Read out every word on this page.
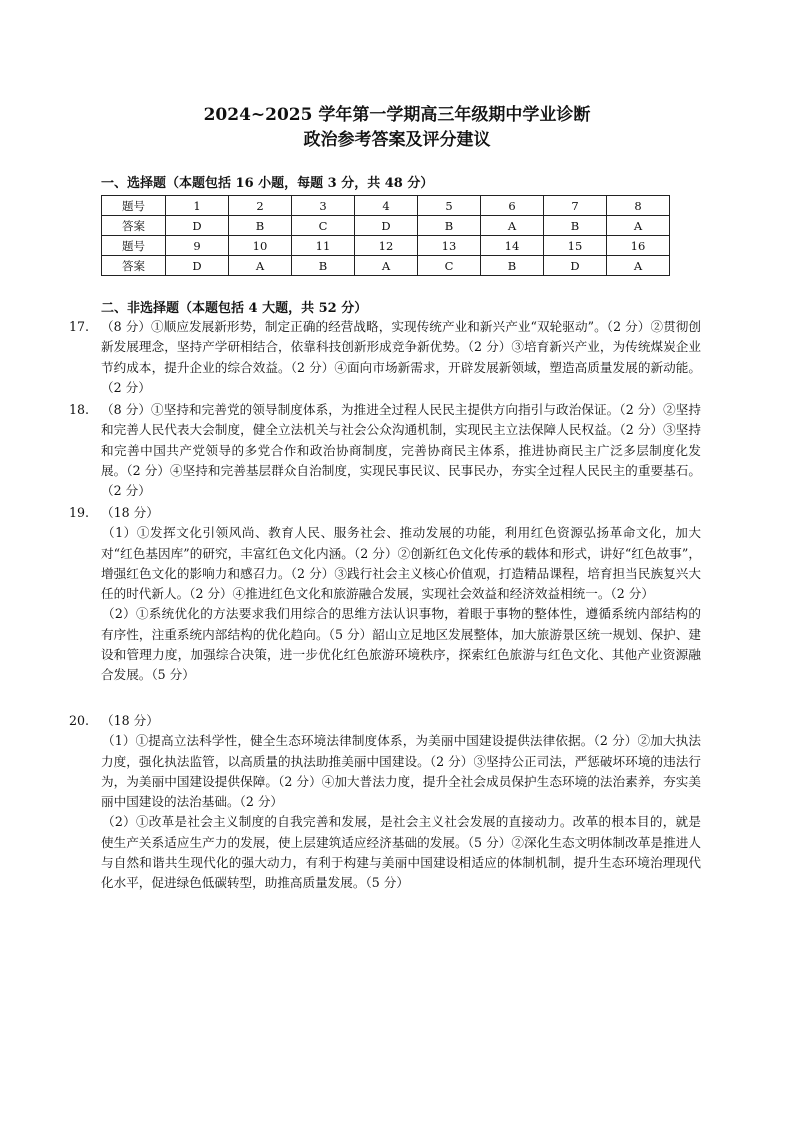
2024~2025 学年第一学期高三年级期中学业诊断
政治参考答案及评分建议
一、选择题（本题包括 16 小题，每题 3 分，共 48 分）
题号	1	2	3	4	5	6	7	8
答案	D	B	C	D	B	A	B	A
题号	9	10	11	12	13	14	15	16
答案	D	A	B	A	C	B	D	A
二、非选择题（本题包括 4 大题，共 52 分）
17. （8 分）①顺应发展新形势，制定正确的经营战略，实现传统产业和新兴产业“双轮驱动”。（2 分）②贯彻创新发展理念，坚持产学研相结合，依靠科技创新形成竞争新优势。（2 分）③培育新兴产业，为传统煤炭企业节约成本，提升企业的综合效益。（2 分）④面向市场新需求，开辟发展新领域，塑造高质量发展的新动能。（2 分）
18. （8 分）①坚持和完善党的领导制度体系，为推进全过程人民民主提供方向指引与政治保证。（2 分）②坚持和完善人民代表大会制度，健全立法机关与社会公众沟通机制，实现民主立法保障人民权益。（2 分）③坚持和完善中国共产党领导的多党合作和政治协商制度，完善协商民主体系，推进协商民主广泛多层制度化发展。（2 分）④坚持和完善基层群众自治制度，实现民事民议、民事民办，夯实全过程人民民主的重要基石。（2 分）
19. （18 分）
（1）①发挥文化引领风尚、教育人民、服务社会、推动发展的功能，利用红色资源弘扬革命文化，加大对“红色基因库”的研究，丰富红色文化内涵。（2 分）②创新红色文化传承的载体和形式，讲好“红色故事”，增强红色文化的影响力和感召力。（2 分）③践行社会主义核心价值观，打造精品课程，培育担当民族复兴大任的时代新人。（2 分）④推进红色文化和旅游融合发展，实现社会效益和经济效益相统一。（2 分）
（2）①系统优化的方法要求我们用综合的思维方法认识事物，着眼于事物的整体性，遵循系统内部结构的有序性，注重系统内部结构的优化趋向。（5 分）韶山立足地区发展整体，加大旅游景区统一规划、保护、建设和管理力度，加强综合决策，进一步优化红色旅游环境秩序，探索红色旅游与红色文化、其他产业资源融合发展。（5 分）
20. （18 分）
（1）①提高立法科学性，健全生态环境法律制度体系，为美丽中国建设提供法律依据。（2 分）②加大执法力度，强化执法监管，以高质量的执法助推美丽中国建设。（2 分）③坚持公正司法，严惩破坏环境的违法行为，为美丽中国建设提供保障。（2 分）④加大普法力度，提升全社会成员保护生态环境的法治素养，夯实美丽中国建设的法治基础。（2 分）
（2）①改革是社会主义制度的自我完善和发展，是社会主义社会发展的直接动力。改革的根本目的，就是使生产关系适应生产力的发展，使上层建筑适应经济基础的发展。（5 分）②深化生态文明体制改革是推进人与自然和谐共生现代化的强大动力，有利于构建与美丽中国建设相适应的体制机制，提升生态环境治理现代化水平，促进绿色低碳转型，助推高质量发展。（5 分）
